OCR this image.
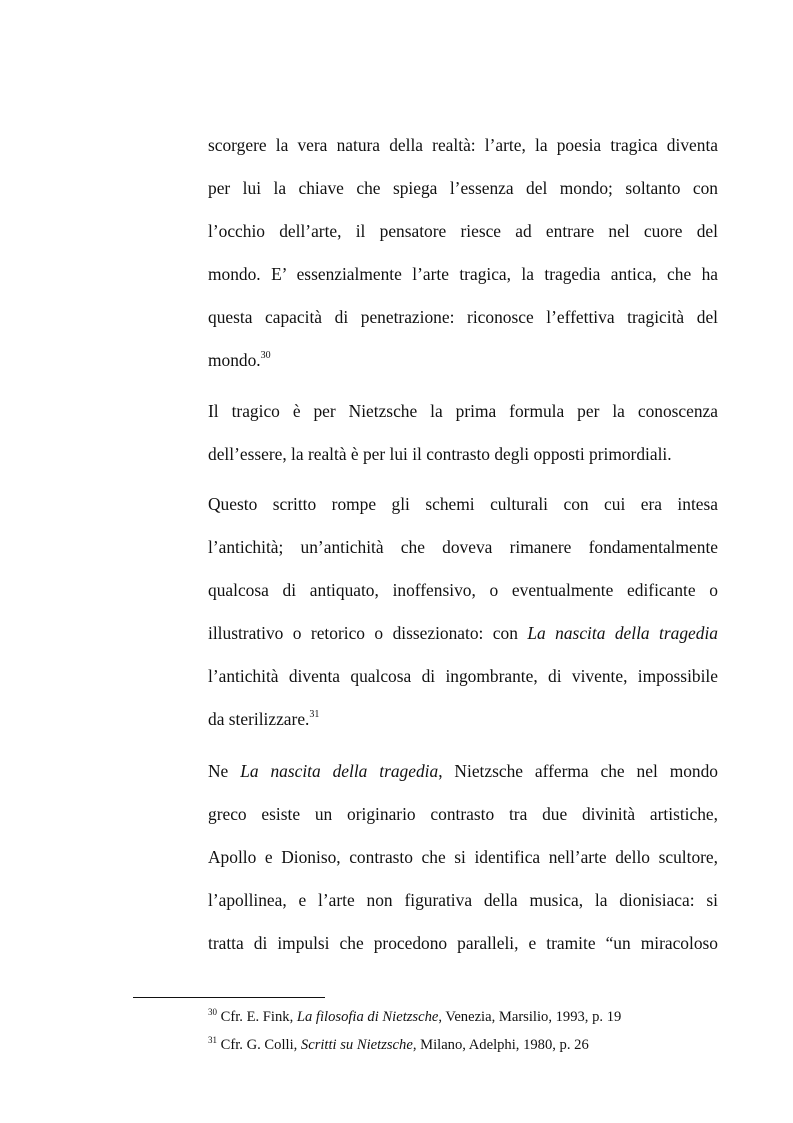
scorgere la vera natura della realtà: l’arte, la poesia tragica diventa
per lui la chiave che spiega l’essenza del mondo; soltanto con
l’occhio dell’arte, il pensatore riesce ad entrare nel cuore del
mondo. E’ essenzialmente l’arte tragica, la tragedia antica, che ha
questa capacità di penetrazione: riconosce l’effettiva tragicità del
mondo.$^{30}$
Il tragico è per Nietzsche la prima formula per la conoscenza
dell’essere, la realtà è per lui il contrasto degli opposti primordiali.
Questo scritto rompe gli schemi culturali con cui era intesa
l’antichità; un’antichità che doveva rimanere fondamentalmente
qualcosa di antiquato, inoffensivo, o eventualmente edificante o
illustrativo o retorico o dissezionato: con La nascita della tragedia
l’antichità diventa qualcosa di ingombrante, di vivente, impossibile
da sterilizzare.$^{31}$
Ne La nascita della tragedia, Nietzsche afferma che nel mondo
greco esiste un originario contrasto tra due divinità artistiche,
Apollo e Dioniso, contrasto che si identifica nell’arte dello scultore,
l’apollinea, e l’arte non figurativa della musica, la dionisiaca: si
tratta di impulsi che procedono paralleli, e tramite “un miracoloso
$^{30}$ Cfr. E. Fink, La filosofia di Nietzsche, Venezia, Marsilio, 1993, p. 19
$^{31}$ Cfr. G. Colli, Scritti su Nietzsche, Milano, Adelphi, 1980, p. 26
